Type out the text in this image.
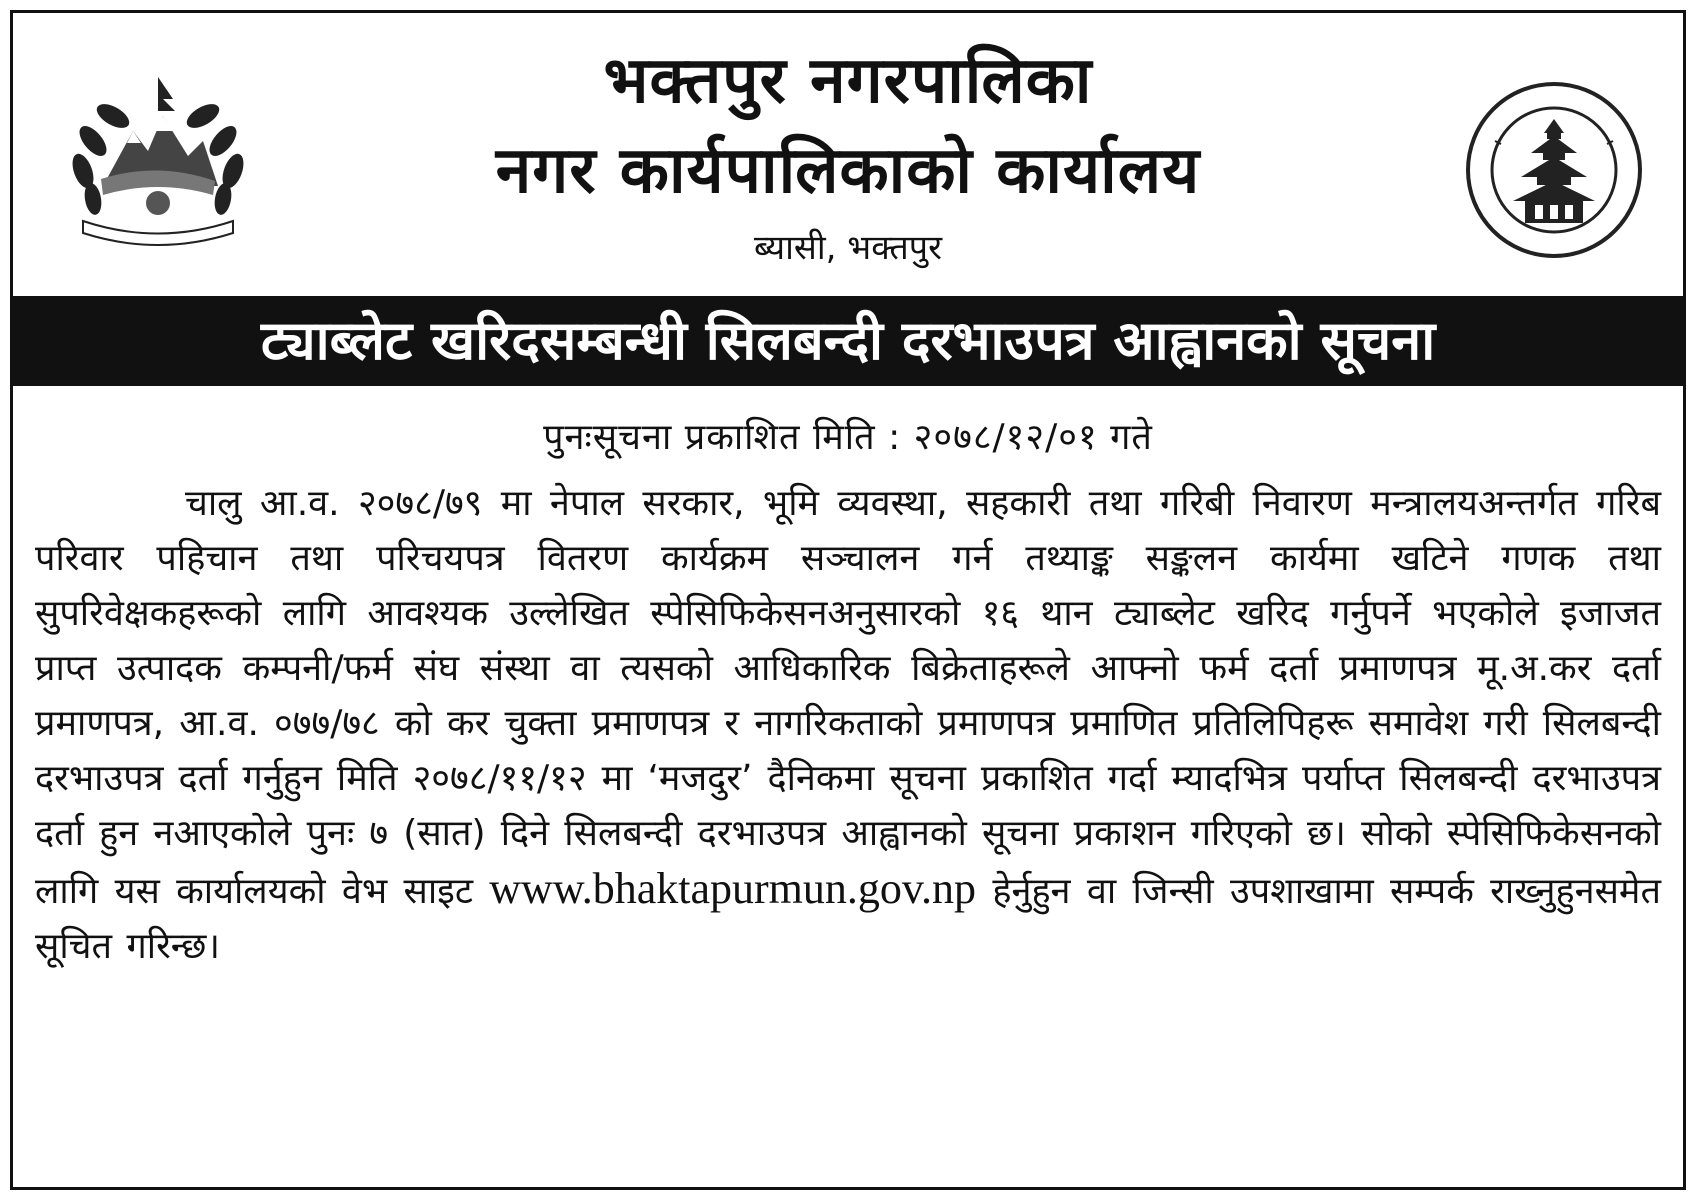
भक्तपुर नगरपालिका
नगर कार्यपालिकाको कार्यालय
ब्यासी, भक्तपुर
ट्याब्लेट खरिदसम्बन्धी सिलबन्दी दरभाउपत्र आह्वानको सूचना
पुनःसूचना प्रकाशित मिति : २०७८/१२/०१ गते
चालु आ.व. २०७८/७९ मा नेपाल सरकार, भूमि व्यवस्था, सहकारी तथा गरिबी निवारण मन्त्रालयअन्तर्गत गरिब परिवार पहिचान तथा परिचयपत्र वितरण कार्यक्रम सञ्चालन गर्न तथ्याङ्क सङ्कलन कार्यमा खटिने गणक तथा सुपरिवेक्षकहरूको लागि आवश्यक उल्लेखित स्पेसिफिकेसनअनुसारको १६ थान ट्याब्लेट खरिद गर्नुपर्ने भएकोले इजाजत प्राप्त उत्पादक कम्पनी/फर्म संघ संस्था वा त्यसको आधिकारिक बिक्रेताहरूले आफ्नो फर्म दर्ता प्रमाणपत्र मू.अ.कर दर्ता प्रमाणपत्र, आ.व. ०७७/७८ को कर चुक्ता प्रमाणपत्र र नागरिकताको प्रमाणपत्र प्रमाणित प्रतिलिपिहरू समावेश गरी सिलबन्दी दरभाउपत्र दर्ता गर्नुहुन मिति २०७८/११/१२ मा ‘मजदुर’ दैनिकमा सूचना प्रकाशित गर्दा म्यादभित्र पर्याप्त सिलबन्दी दरभाउपत्र दर्ता हुन नआएकोले पुनः ७ (सात) दिने सिलबन्दी दरभाउपत्र आह्वानको सूचना प्रकाशन गरिएको छ। सोको स्पेसिफिकेसनको लागि यस कार्यालयको वेभ साइट www.bhaktapurmun.gov.np हेर्नुहुन वा जिन्सी उपशाखामा सम्पर्क राख्नुहुनसमेत सूचित गरिन्छ।
